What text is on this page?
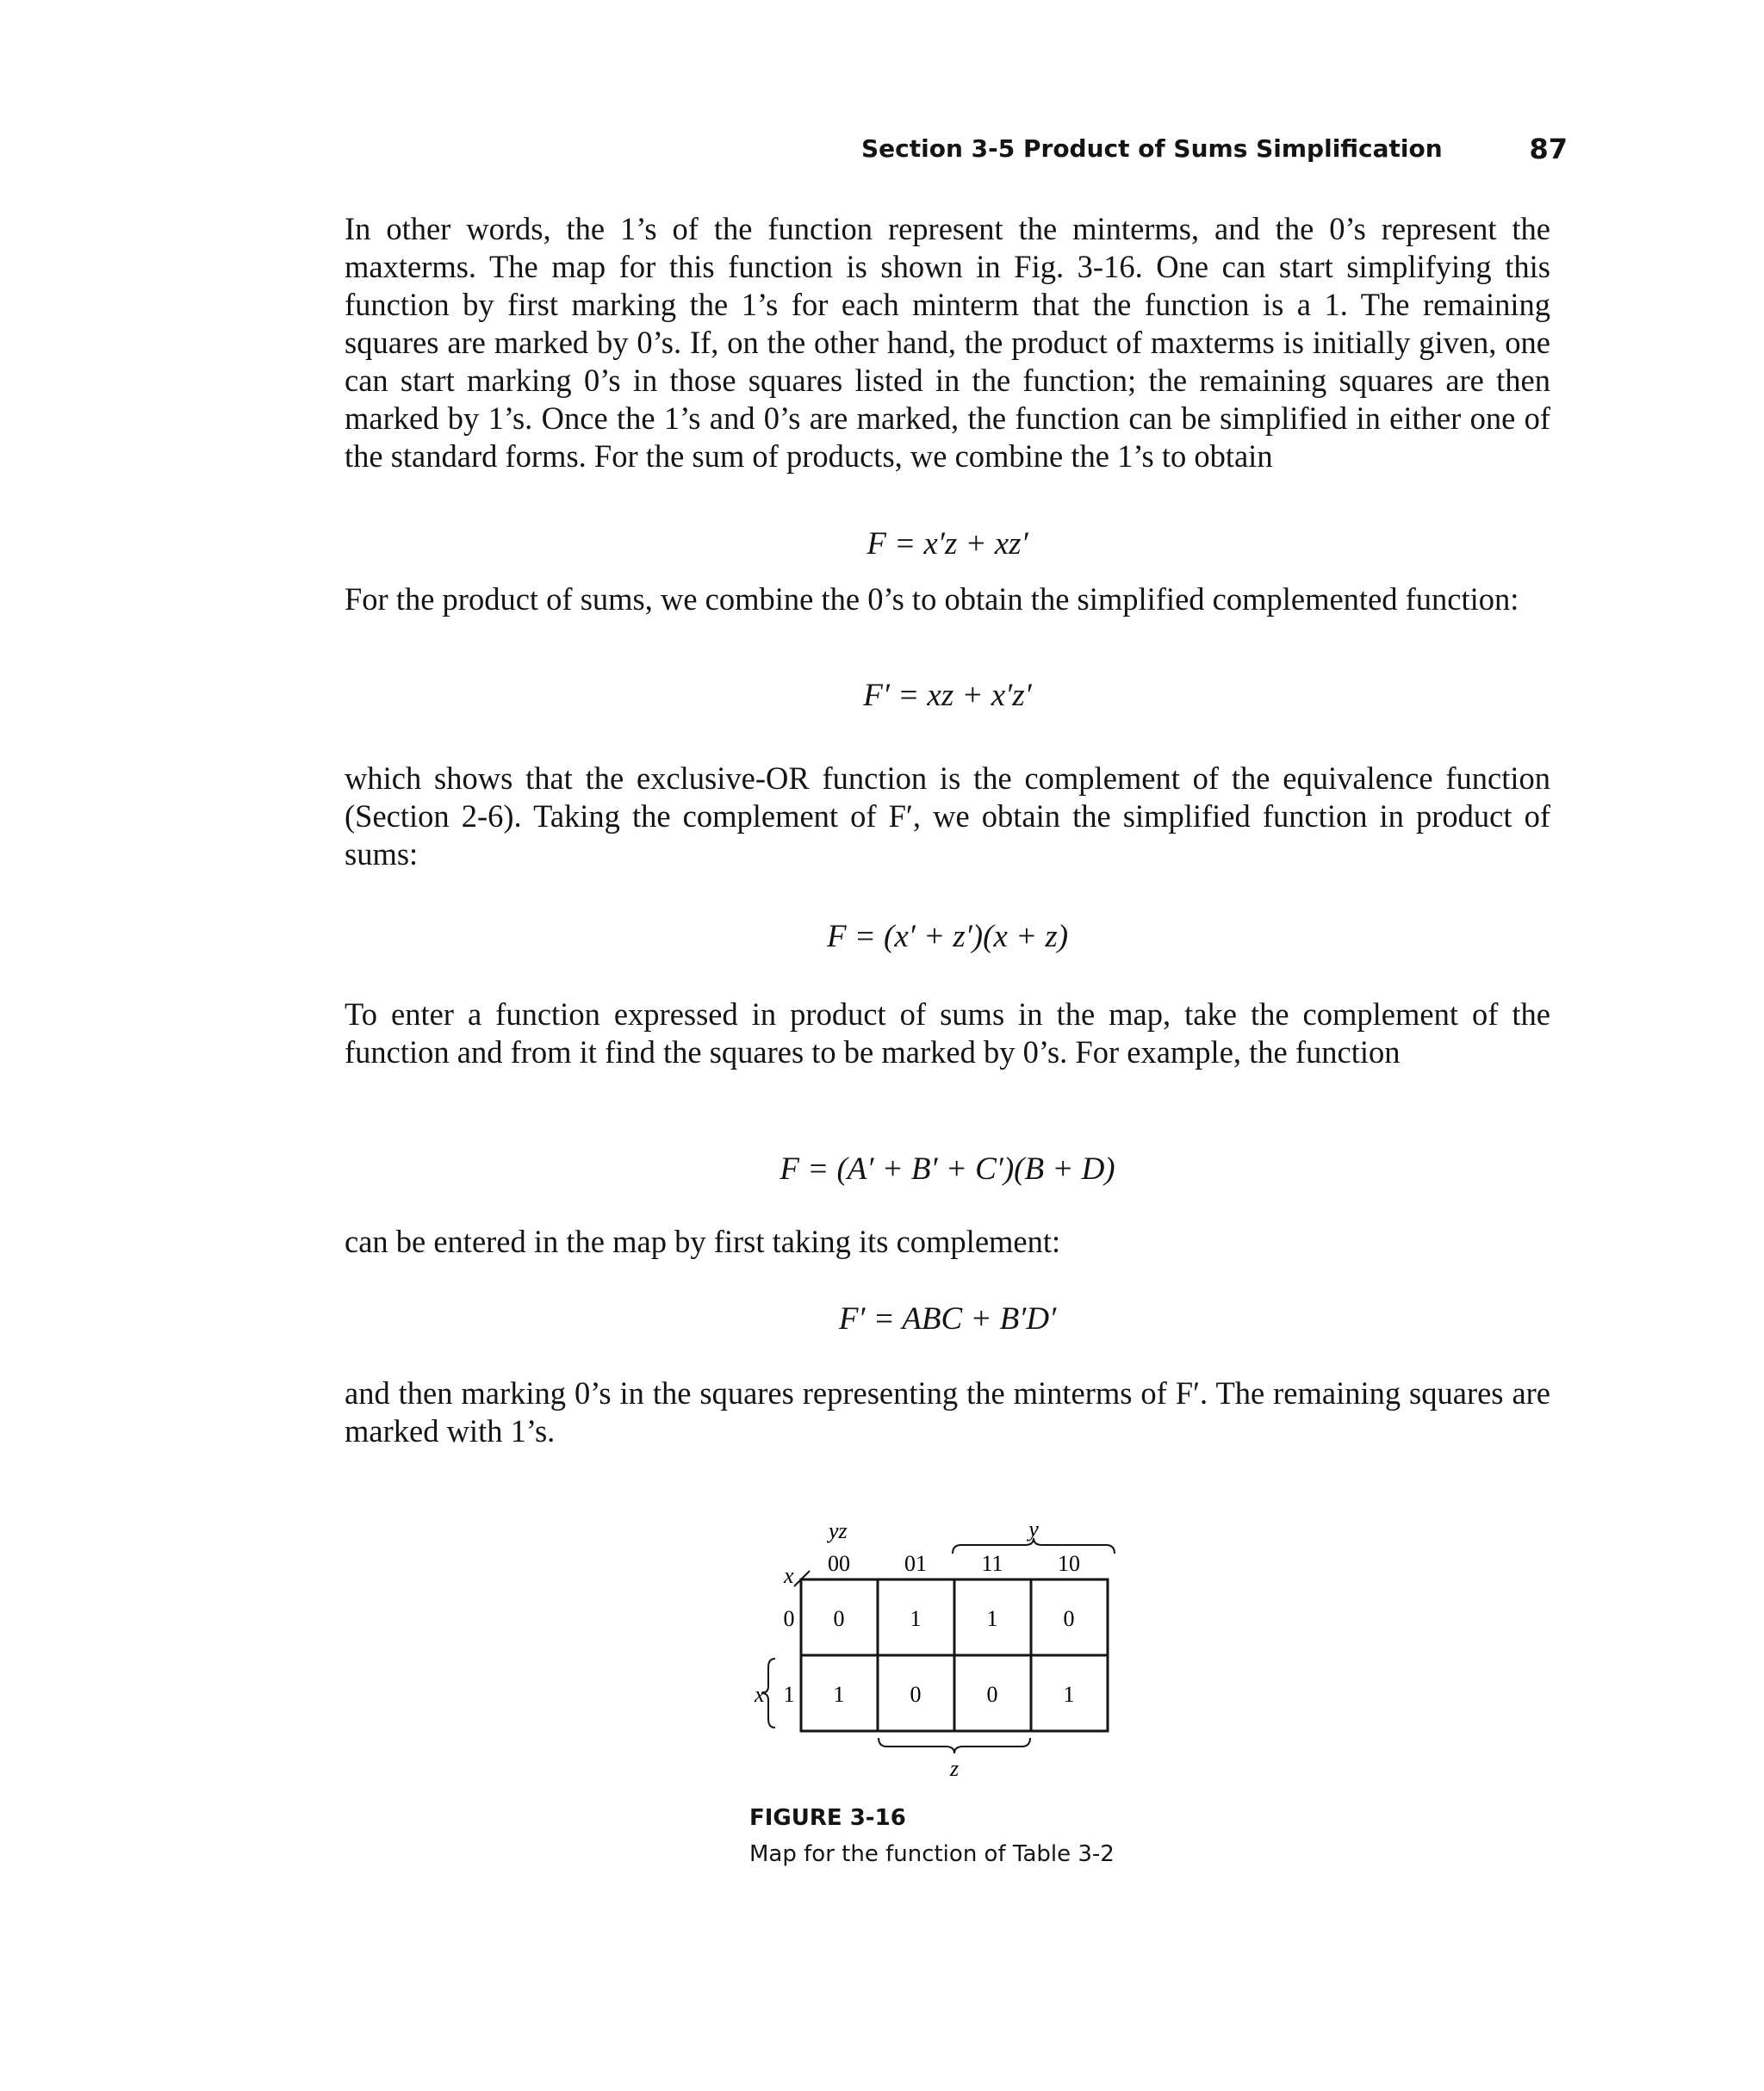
Section 3-5 Product of Sums Simplification	87

In other words, the 1’s of the function represent the minterms, and the 0’s represent the maxterms. The map for this function is shown in Fig. 3-16. One can start simplifying this function by first marking the 1’s for each minterm that the function is a 1. The remaining squares are marked by 0’s. If, on the other hand, the product of maxterms is initially given, one can start marking 0’s in those squares listed in the function; the remaining squares are then marked by 1’s. Once the 1’s and 0’s are marked, the function can be simplified in either one of the standard forms. For the sum of products, we combine the 1’s to obtain

F = x′z + xz′

For the product of sums, we combine the 0’s to obtain the simplified complemented function:

F′ = xz + x′z′

which shows that the exclusive-OR function is the complement of the equivalence function (Section 2-6). Taking the complement of F′, we obtain the simplified function in product of sums:

F = (x′ + z′)(x + z)

To enter a function expressed in product of sums in the map, take the complement of the function and from it find the squares to be marked by 0’s. For example, the function

F = (A′ + B′ + C′)(B + D)

can be entered in the map by first taking its complement:

F′ = ABC + B′D′

and then marking 0’s in the squares representing the minterms of F′. The remaining squares are marked with 1’s.

yz
x
y
00 01 11 10
0
1
x
0	1	1	0
1	0	0	1
z
FIGURE 3-16
Map for the function of Table 3-2
